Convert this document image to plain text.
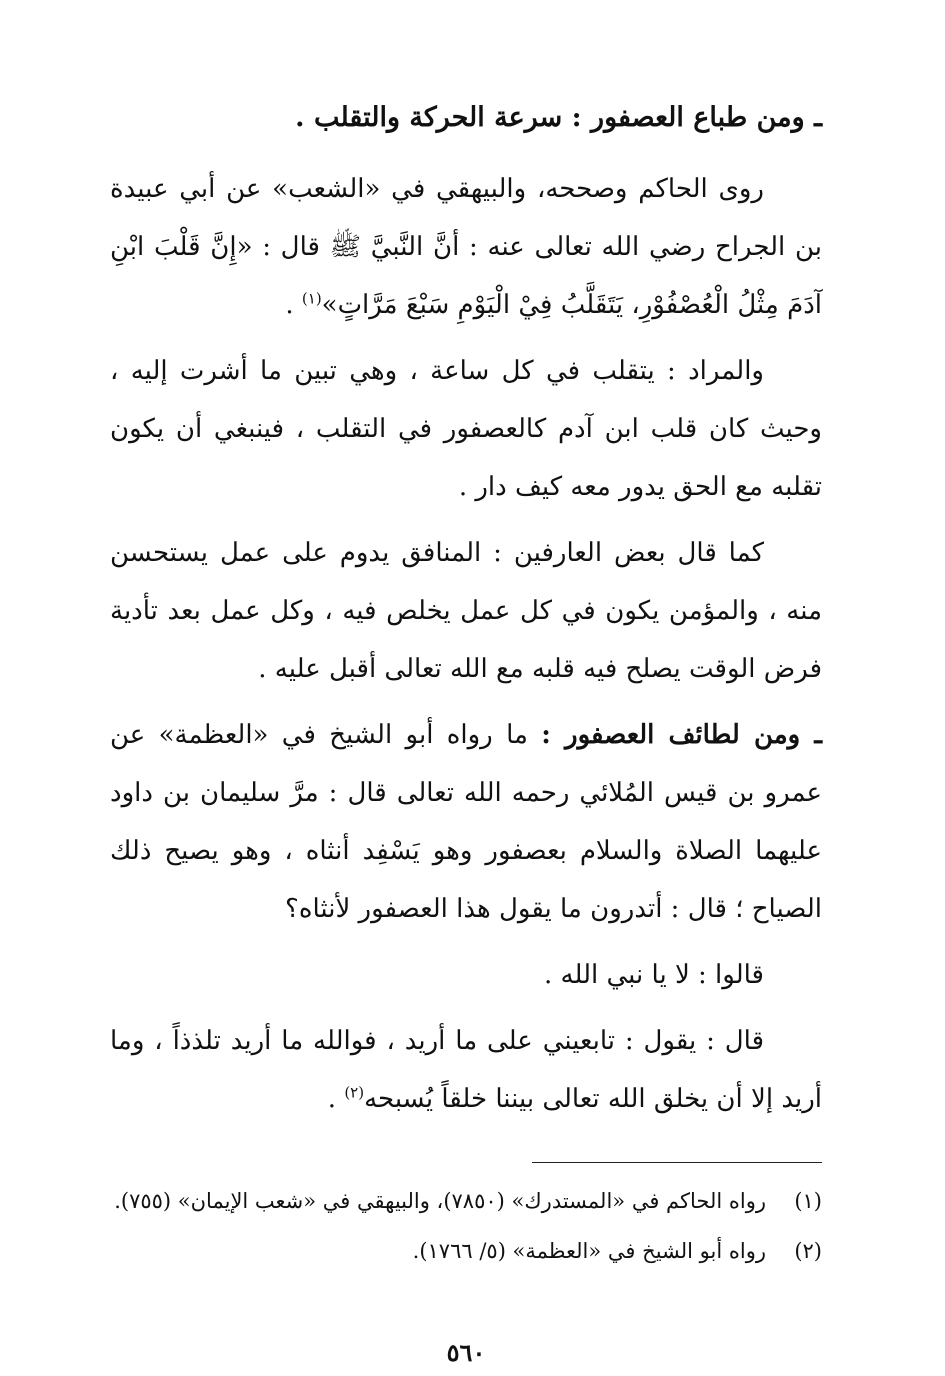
ـ ومن طباع العصفور : سرعة الحركة والتقلب .

روى الحاكم وصححه، والبيهقي في «الشعب» عن أبي عبيدة بن الجراح رضي الله تعالى عنه : أنَّ النَّبيَّ ﷺ قال : «إِنَّ قَلْبَ ابْنِ آدَمَ مِثْلُ الْعُصْفُوْرِ، يَتَقَلَّبُ فِيْ الْيَوْمِ سَبْعَ مَرَّاتٍ»$^{(١)}$ .

والمراد : يتقلب في كل ساعة ، وهي تبين ما أشرت إليه ، وحيث كان قلب ابن آدم كالعصفور في التقلب ، فينبغي أن يكون تقلبه مع الحق يدور معه كيف دار .

كما قال بعض العارفين : المنافق يدوم على عمل يستحسن منه ، والمؤمن يكون في كل عمل يخلص فيه ، وكل عمل بعد تأدية فرض الوقت يصلح فيه قلبه مع الله تعالى أقبل عليه .

ـ ومن لطائف العصفور : ما رواه أبو الشيخ في «العظمة» عن عمرو بن قيس المُلائي رحمه الله تعالى قال : مرَّ سليمان بن داود عليهما الصلاة والسلام بعصفور وهو يَسْفِد أنثاه ، وهو يصيح ذلك الصياح ؛ قال : أتدرون ما يقول هذا العصفور لأنثاه؟

قالوا : لا يا نبي الله .

قال : يقول : تابعيني على ما أريد ، فوالله ما أريد تلذذاً ، وما أريد إلا أن يخلق الله تعالى بيننا خلقاً يُسبحه$^{(٢)}$ .

(١)
رواه الحاكم في «المستدرك» (٧٨٥٠)، والبيهقي في «شعب الإيمان» (٧٥٥).
(٢)
رواه أبو الشيخ في «العظمة» (٥/ ١٧٦٦).
٥٦٠
